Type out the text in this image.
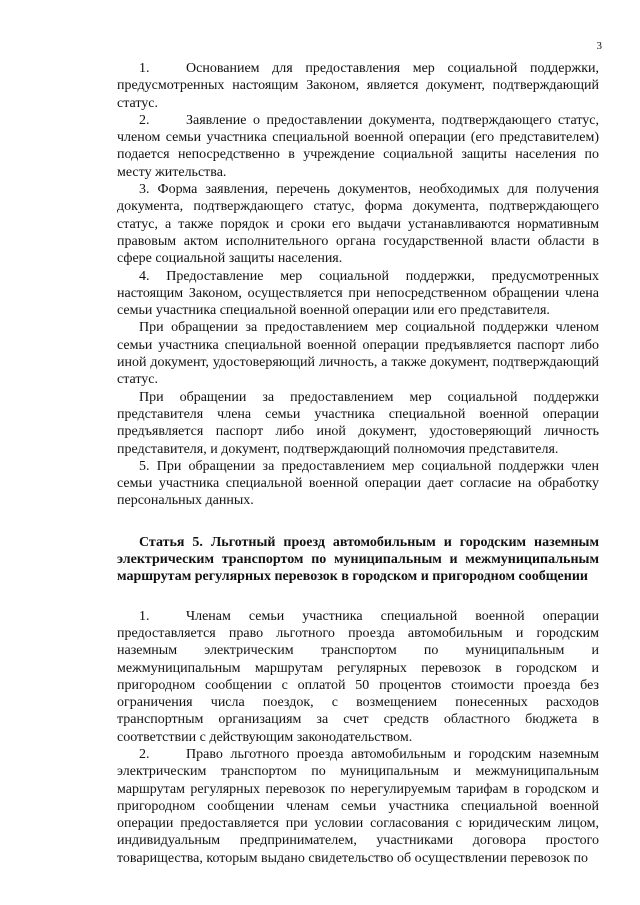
3

1.	Основанием для предоставления мер социальной поддержки, предусмотренных настоящим Законом, является документ, подтверждающий статус.

2.	Заявление о предоставлении документа, подтверждающего статус, членом семьи участника специальной военной операции (его представителем) подается непосредственно в учреждение социальной защиты населения по месту жительства.

3. Форма заявления, перечень документов, необходимых для получения документа, подтверждающего статус, форма документа, подтверждающего статус, а также порядок и сроки его выдачи устанавливаются нормативным правовым актом исполнительного органа государственной власти области в сфере социальной защиты населения.

4. Предоставление мер социальной поддержки, предусмотренных настоящим Законом, осуществляется при непосредственном обращении члена семьи участника специальной военной операции или его представителя.

При обращении за предоставлением мер социальной поддержки членом семьи участника специальной военной операции предъявляется паспорт либо иной документ, удостоверяющий личность, а также документ, подтверждающий статус.

При обращении за предоставлением мер социальной поддержки представителя члена семьи участника специальной военной операции предъявляется паспорт либо иной документ, удостоверяющий личность представителя, и документ, подтверждающий полномочия представителя.

5. При обращении за предоставлением мер социальной поддержки член семьи участника специальной военной операции дает согласие на обработку персональных данных.

Статья 5. Льготный проезд автомобильным и городским наземным электрическим транспортом по муниципальным и межмуниципальным маршрутам регулярных перевозок в городском и пригородном сообщении

1.	Членам семьи участника специальной военной операции предоставляется право льготного проезда автомобильным и городским наземным электрическим транспортом по муниципальным и межмуниципальным маршрутам регулярных перевозок в городском и пригородном сообщении с оплатой 50 процентов стоимости проезда без ограничения числа поездок, с возмещением понесенных расходов транспортным организациям за счет средств областного бюджета в соответствии с действующим законодательством.

2.	Право льготного проезда автомобильным и городским наземным электрическим транспортом по муниципальным и межмуниципальным маршрутам регулярных перевозок по нерегулируемым тарифам в городском и пригородном сообщении членам семьи участника специальной военной операции предоставляется при условии согласования с юридическим лицом, индивидуальным предпринимателем, участниками договора простого товарищества, которым выдано свидетельство об осуществлении перевозок по
